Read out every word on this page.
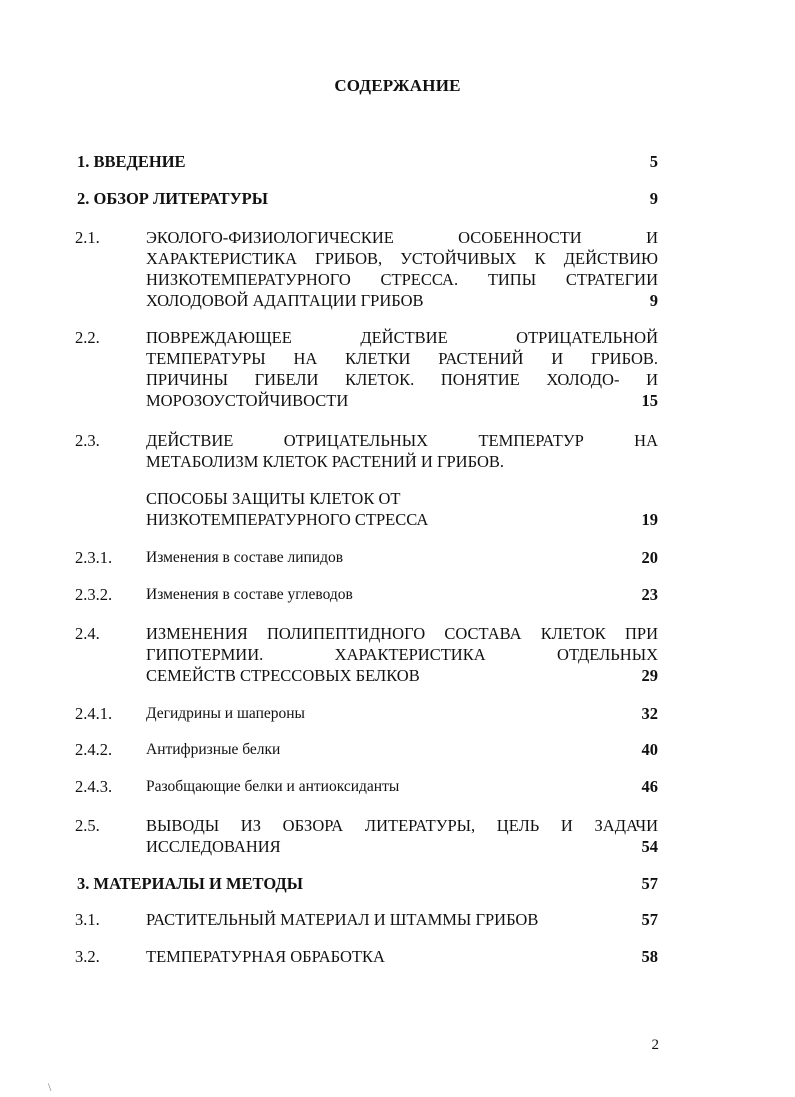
СОДЕРЖАНИЕ
1. ВВЕДЕНИЕ	5
2. ОБЗОР ЛИТЕРАТУРЫ	9
2.1.	ЭКОЛОГО-ФИЗИОЛОГИЧЕСКИЕ ОСОБЕННОСТИ И
ХАРАКТЕРИСТИКА ГРИБОВ, УСТОЙЧИВЫХ К ДЕЙСТВИЮ
НИЗКОТЕМПЕРАТУРНОГО СТРЕССА. ТИПЫ СТРАТЕГИИ
ХОЛОДОВОЙ АДАПТАЦИИ ГРИБОВ	9
2.2.	ПОВРЕЖДАЮЩЕЕ ДЕЙСТВИЕ ОТРИЦАТЕЛЬНОЙ
ТЕМПЕРАТУРЫ НА КЛЕТКИ РАСТЕНИЙ И ГРИБОВ.
ПРИЧИНЫ ГИБЕЛИ КЛЕТОК. ПОНЯТИЕ ХОЛОДО- И
МОРОЗОУСТОЙЧИВОСТИ	15
2.3.	ДЕЙСТВИЕ ОТРИЦАТЕЛЬНЫХ ТЕМПЕРАТУР НА
МЕТАБОЛИЗМ КЛЕТОК РАСТЕНИЙ И ГРИБОВ.
СПОСОБЫ ЗАЩИТЫ КЛЕТОК ОТ
НИЗКОТЕМПЕРАТУРНОГО СТРЕССА	19
2.3.1. Изменения в составе липидов	20
2.3.2. Изменения в составе углеводов	23
2.4.	ИЗМЕНЕНИЯ ПОЛИПЕПТИДНОГО СОСТАВА КЛЕТОК ПРИ
ГИПОТЕРМИИ. ХАРАКТЕРИСТИКА ОТДЕЛЬНЫХ
СЕМЕЙСТВ СТРЕССОВЫХ БЕЛКОВ	29
2.4.1. Дегидрины и шапероны	32
2.4.2. Антифризные белки	40
2.4.3. Разобщающие белки и антиоксиданты	46
2.5.	ВЫВОДЫ ИЗ ОБЗОРА ЛИТЕРАТУРЫ, ЦЕЛЬ И ЗАДАЧИ
ИССЛЕДОВАНИЯ	54
3. МАТЕРИАЛЫ И МЕТОДЫ	57
3.1.	РАСТИТЕЛЬНЫЙ МАТЕРИАЛ И ШТАММЫ ГРИБОВ	57
3.2.	ТЕМПЕРАТУРНАЯ ОБРАБОТКА	58
2
\
